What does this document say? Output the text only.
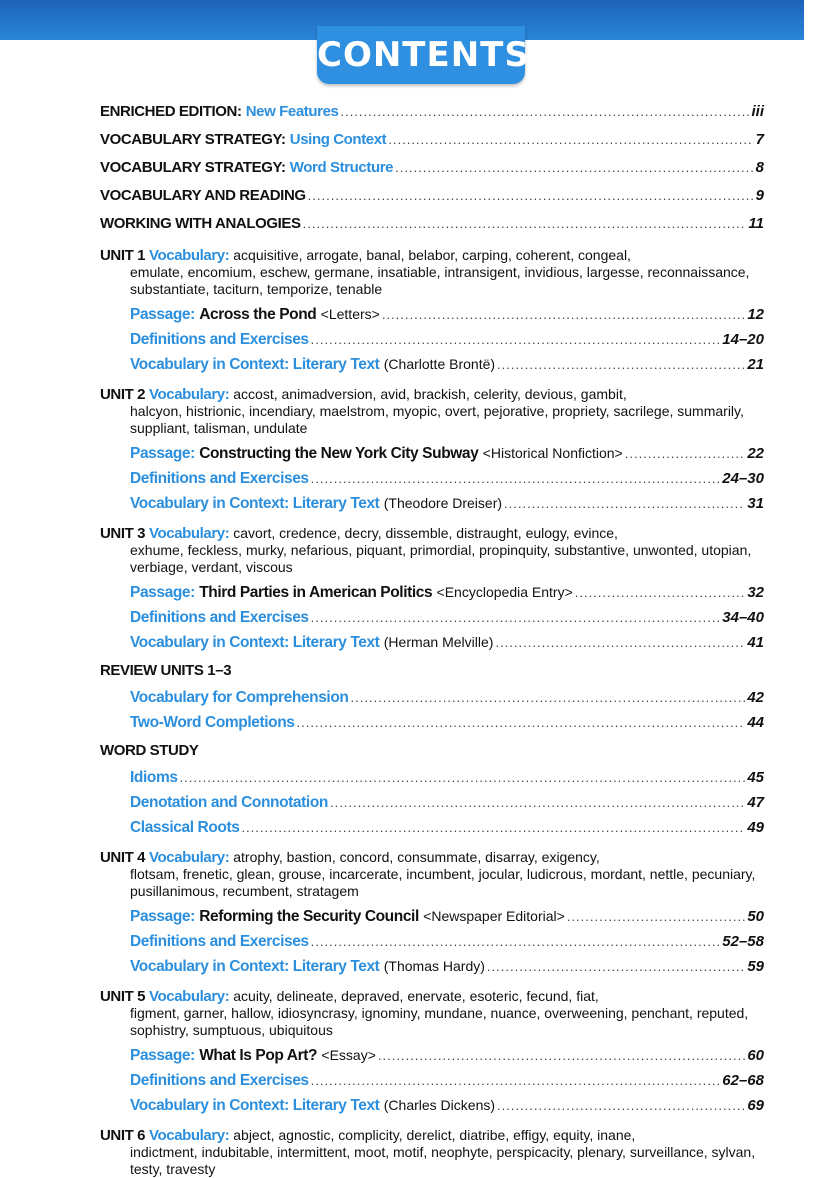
CONTENTS
ENRICHED EDITION:
New Features .....	iii
VOCABULARY STRATEGY:
Using Context .....	7
VOCABULARY STRATEGY:
Word Structure .....	8
VOCABULARY AND READING .....	9
WORKING WITH ANALOGIES .....	11
UNIT 1 Vocabulary: acquisitive, arrogate, banal, belabor, carping, coherent, congeal,
emulate, encomium, eschew, germane, insatiable, intransigent, invidious, largesse, reconnaissance, substantiate, taciturn, temporize, tenable
Passage:
Across the Pond
<Letters> .....	12
Definitions and Exercises .....	14–20
Vocabulary in Context: Literary Text
(Charlotte Brontë) .....	21
UNIT 2 Vocabulary: accost, animadversion, avid, brackish, celerity, devious, gambit,
halcyon, histrionic, incendiary, maelstrom, myopic, overt, pejorative, propriety, sacrilege, summarily, suppliant, talisman, undulate
Passage:
Constructing the New York City Subway
<Historical Nonfiction> .....	22
Definitions and Exercises .....	24–30
Vocabulary in Context: Literary Text
(Theodore Dreiser) .....	31
UNIT 3 Vocabulary: cavort, credence, decry, dissemble, distraught, eulogy, evince,
exhume, feckless, murky, nefarious, piquant, primordial, propinquity, substantive, unwonted, utopian, verbiage, verdant, viscous
Passage:
Third Parties in American Politics
<Encyclopedia Entry> .....	32
Definitions and Exercises .....	34–40
Vocabulary in Context: Literary Text
(Herman Melville) .....	41
REVIEW UNITS 1–3
Vocabulary for Comprehension .....	42
Two-Word Completions .....	44
WORD STUDY
Idioms .....	45
Denotation and Connotation .....	47
Classical Roots .....	49
UNIT 4 Vocabulary: atrophy, bastion, concord, consummate, disarray, exigency,
flotsam, frenetic, glean, grouse, incarcerate, incumbent, jocular, ludicrous, mordant, nettle, pecuniary, pusillanimous, recumbent, stratagem
Passage:
Reforming the Security Council
<Newspaper Editorial> .....	50
Definitions and Exercises .....	52–58
Vocabulary in Context: Literary Text
(Thomas Hardy) .....	59
UNIT 5 Vocabulary: acuity, delineate, depraved, enervate, esoteric, fecund, fiat,
figment, garner, hallow, idiosyncrasy, ignominy, mundane, nuance, overweening, penchant, reputed, sophistry, sumptuous, ubiquitous
Passage:
What Is Pop Art?
<Essay> .....	60
Definitions and Exercises .....	62–68
Vocabulary in Context: Literary Text
(Charles Dickens) .....	69
UNIT 6 Vocabulary: abject, agnostic, complicity, derelict, diatribe, effigy, equity, inane,
indictment, indubitable, intermittent, moot, motif, neophyte, perspicacity, plenary, surveillance, sylvan, testy, travesty
